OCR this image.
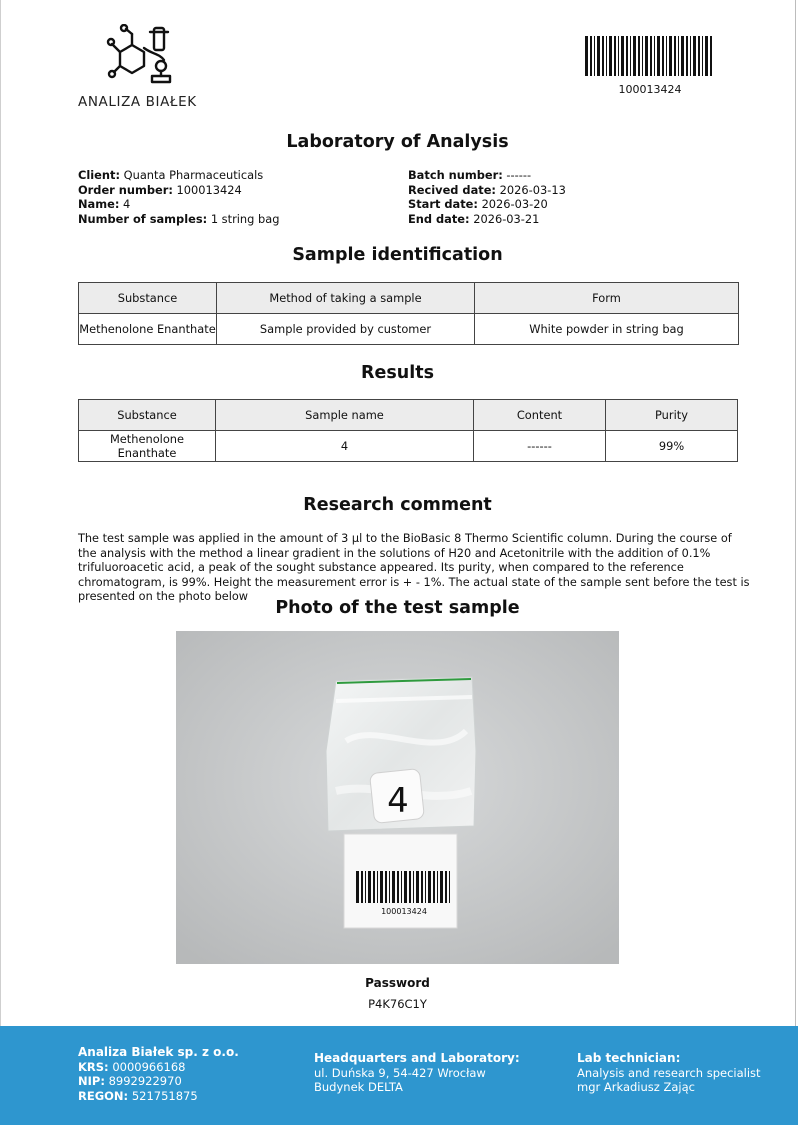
ANALIZA BIAŁEK
100013424
Laboratory of Analysis
Client: Quanta Pharmaceuticals
Order number: 100013424
Name: 4
Number of samples: 1 string bag
Batch number: ------
Recived date: 2026-03-13
Start date: 2026-03-20
End date: 2026-03-21
Sample identification
Substance	Method of taking a sample	Form
Methenolone Enanthate	Sample provided by customer	White powder in string bag
Results
Substance	Sample name	Content	Purity
Methenolone Enanthate	4	------	99%
Research comment
The test sample was applied in the amount of 3 µl to the BioBasic 8 Thermo Scientific column. During the course of the analysis with the method a linear gradient in the solutions of H20 and Acetonitrile with the addition of 0.1% trifuluoroacetic acid, a peak of the sought substance appeared. Its purity, when compared to the reference chromatogram, is 99%. Height the measurement error is + - 1%. The actual state of the sample sent before the test is presented on the photo below
Photo of the test sample
4
100013424
Password
P4K76C1Y
Analiza Białek sp. z o.o.
KRS: 0000966168
NIP: 8992922970
REGON: 521751875
Headquarters and Laboratory:
ul. Duńska 9, 54-427 Wrocław
Budynek DELTA
Lab technician:
Analysis and research specialist
mgr Arkadiusz Zając
